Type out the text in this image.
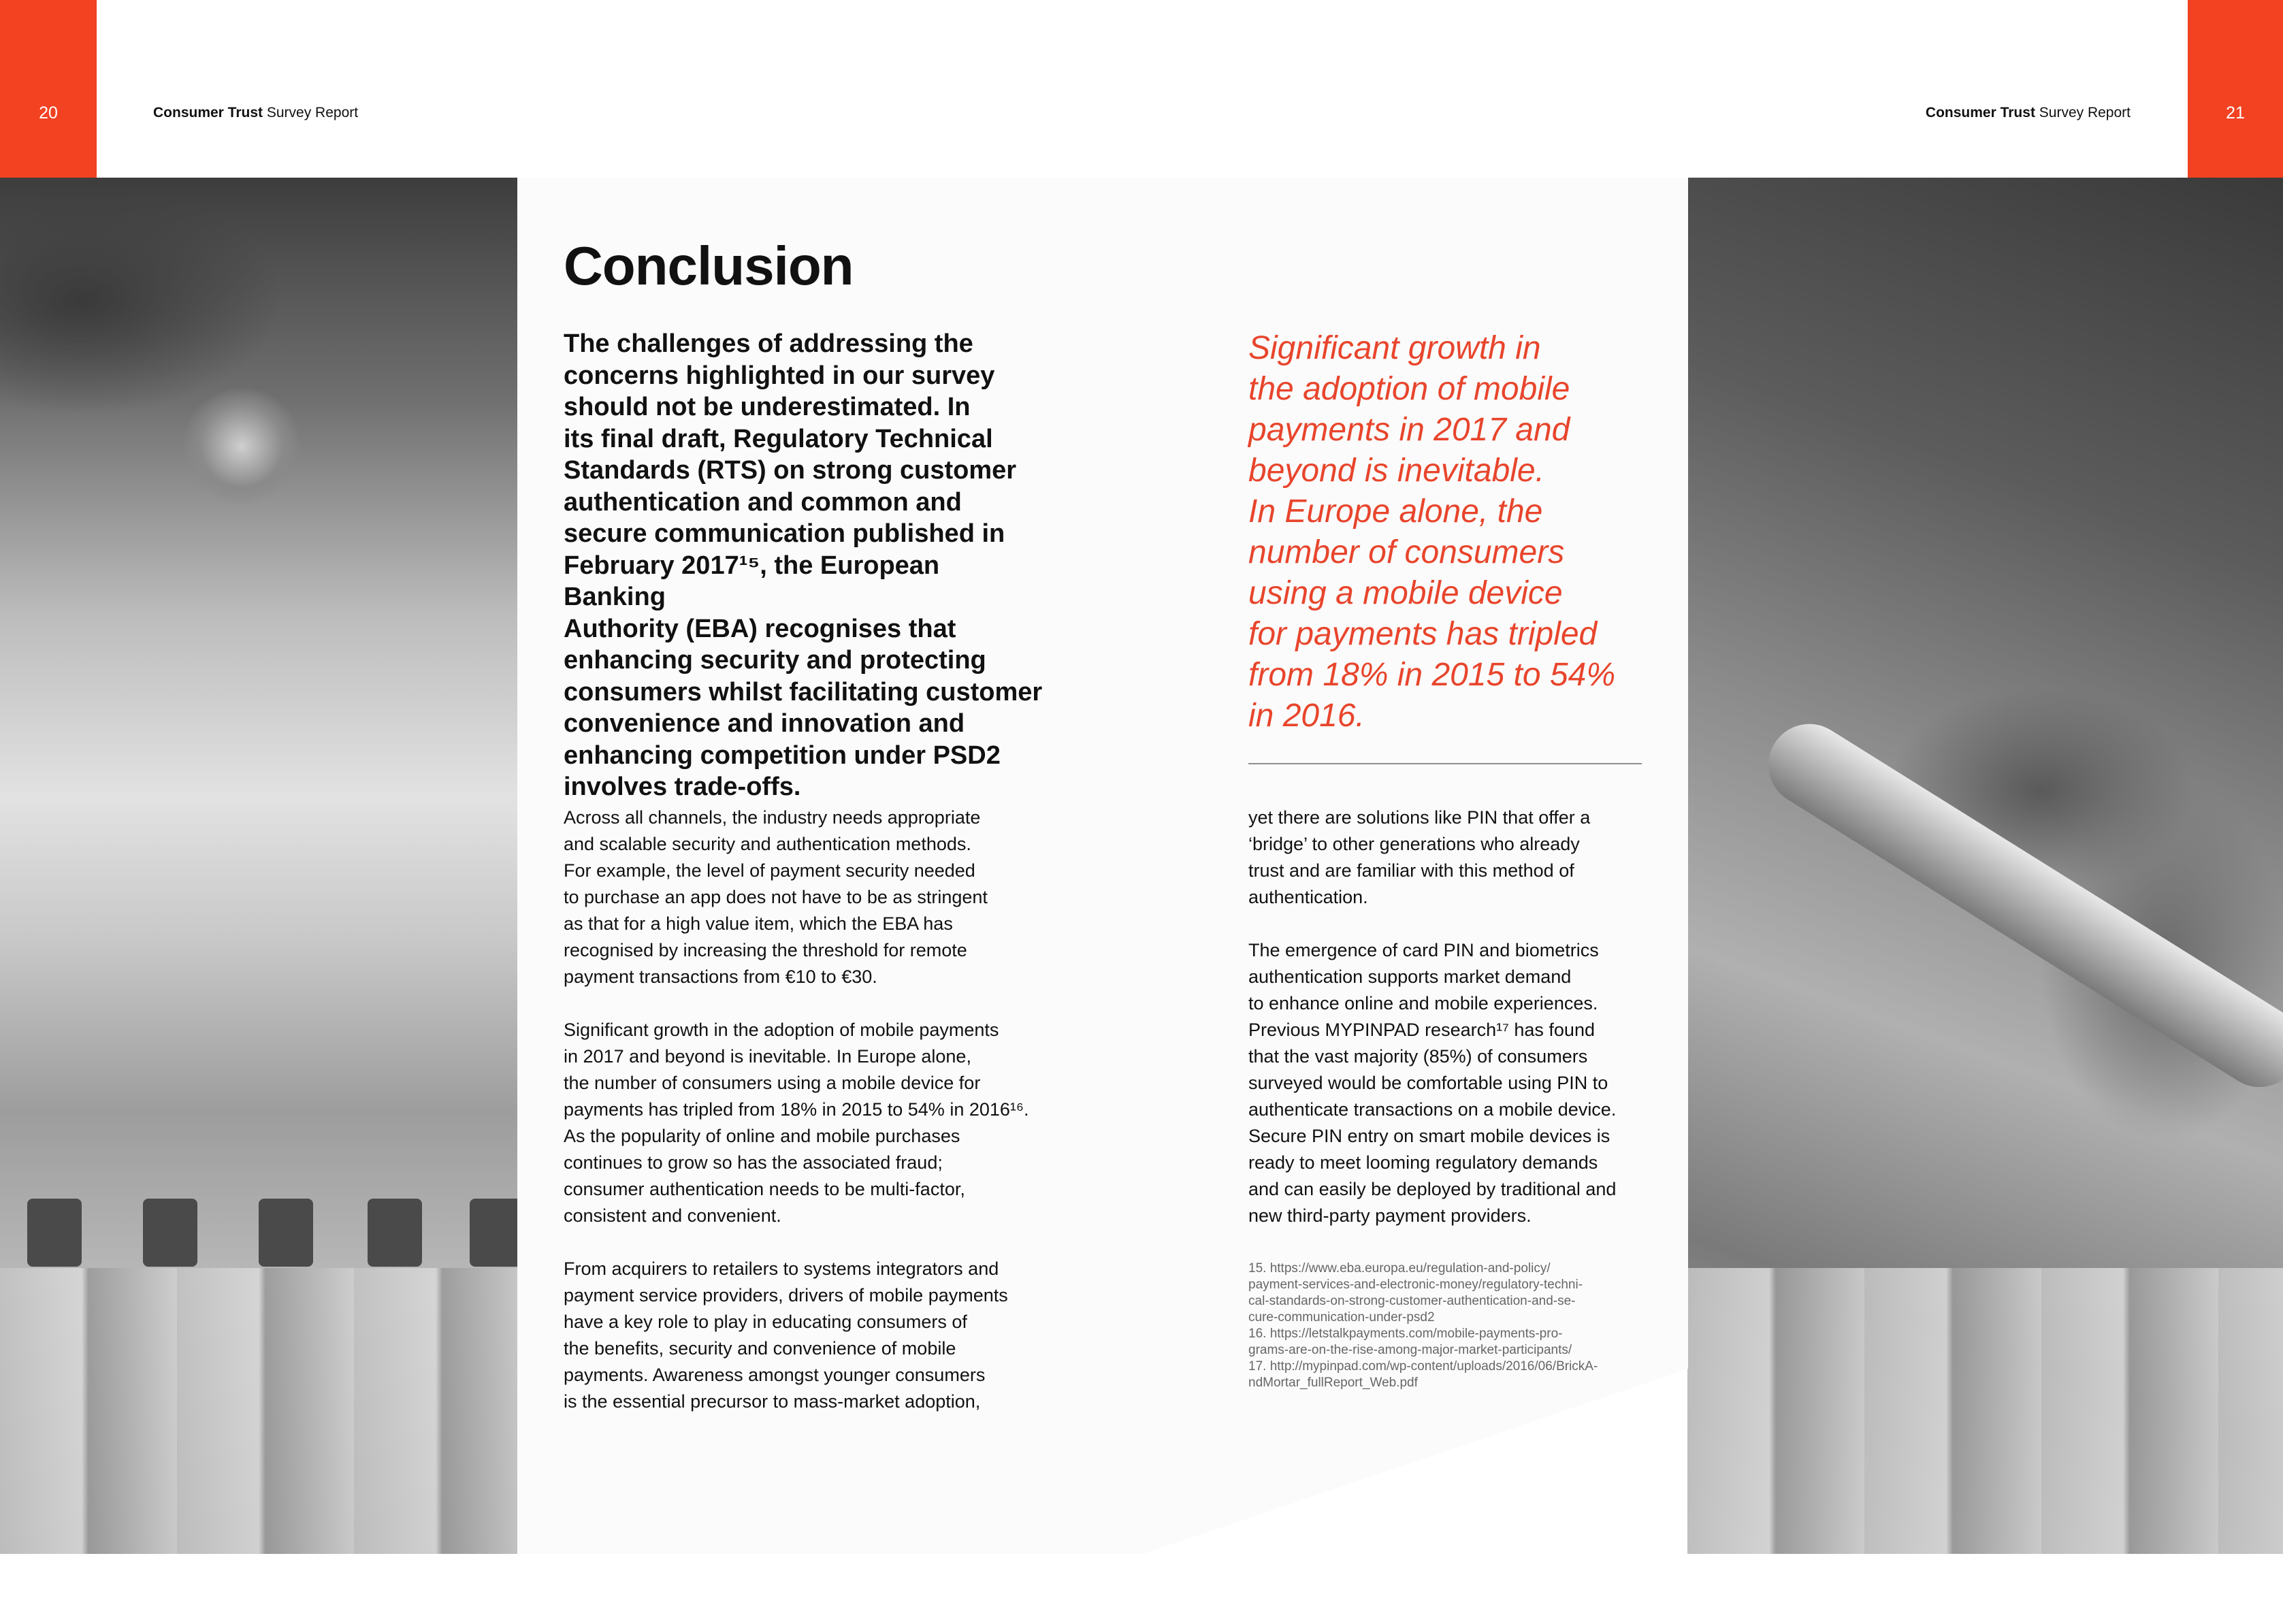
20	Consumer Trust Survey Report	Consumer Trust Survey Report	21
Conclusion

The challenges of addressing the
concerns highlighted in our survey
should not be underestimated. In
its final draft, Regulatory Technical
Standards (RTS) on strong customer
authentication and common and
secure communication published in
February 2017¹⁵, the European Banking
Authority (EBA) recognises that
enhancing security and protecting
consumers whilst facilitating customer
convenience and innovation and
enhancing competition under PSD2
involves trade-offs.

Significant growth in
the adoption of mobile
payments in 2017 and
beyond is inevitable.
In Europe alone, the
number of consumers
using a mobile device
for payments has tripled
from 18% in 2015 to 54%
in 2016.

Across all channels, the industry needs appropriate
and scalable security and authentication methods.
For example, the level of payment security needed
to purchase an app does not have to be as stringent
as that for a high value item, which the EBA has
recognised by increasing the threshold for remote
payment transactions from €10 to €30.

Significant growth in the adoption of mobile payments
in 2017 and beyond is inevitable. In Europe alone,
the number of consumers using a mobile device for
payments has tripled from 18% in 2015 to 54% in 2016¹⁶.
As the popularity of online and mobile purchases
continues to grow so has the associated fraud;
consumer authentication needs to be multi-factor,
consistent and convenient.

From acquirers to retailers to systems integrators and
payment service providers, drivers of mobile payments
have a key role to play in educating consumers of
the benefits, security and convenience of mobile
payments. Awareness amongst younger consumers
is the essential precursor to mass-market adoption,

yet there are solutions like PIN that offer a
‘bridge’ to other generations who already
trust and are familiar with this method of
authentication.

The emergence of card PIN and biometrics
authentication supports market demand
to enhance online and mobile experiences.
Previous MYPINPAD research¹⁷ has found
that the vast majority (85%) of consumers
surveyed would be comfortable using PIN to
authenticate transactions on a mobile device.
Secure PIN entry on smart mobile devices is
ready to meet looming regulatory demands
and can easily be deployed by traditional and
new third-party payment providers.

15. https://www.eba.europa.eu/regulation-and-policy/
payment-services-and-electronic-money/regulatory-techni-
cal-standards-on-strong-customer-authentication-and-se-
cure-communication-under-psd2
16. https://letstalkpayments.com/mobile-payments-pro-
grams-are-on-the-rise-among-major-market-participants/
17. http://mypinpad.com/wp-content/uploads/2016/06/BrickA-
ndMortar_fullReport_Web.pdf
